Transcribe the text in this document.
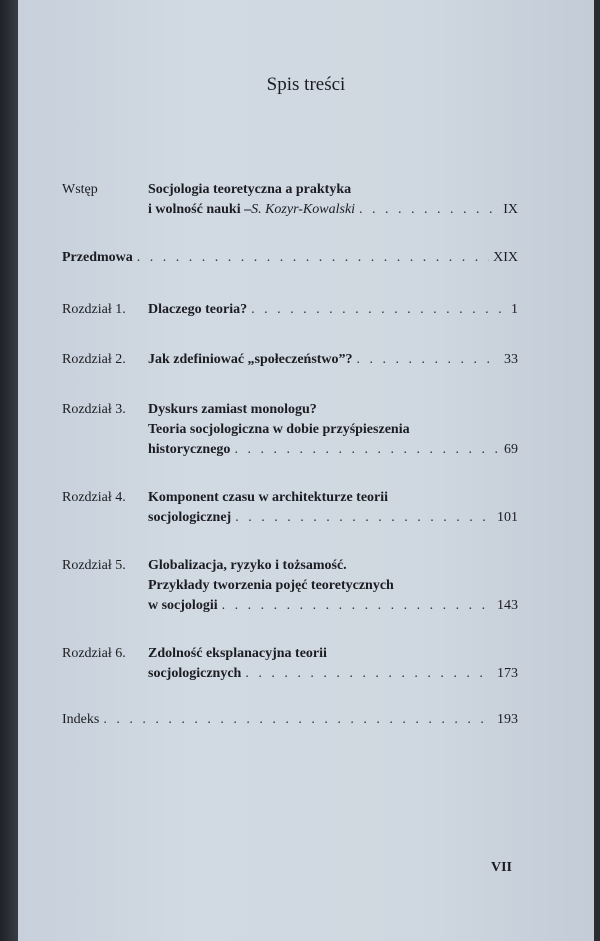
Spis treści
Wstęp	Socjologia teoretyczna a praktyka
i wolność nauki – S. Kozyr-Kowalski . . .	IX
Przedmowa . . .	XIX
Rozdział 1. Dlaczego teoria? . . .	1
Rozdział 2. Jak zdefiniować „społeczeństwo”? . . .	33
Rozdział 3. Dyskurs zamiast monologu?
Teoria socjologiczna w dobie przyśpieszenia
historycznego . . .	69
Rozdział 4. Komponent czasu w architekturze teorii
socjologicznej . . .	101
Rozdział 5. Globalizacja, ryzyko i tożsamość.
Przykłady tworzenia pojęć teoretycznych
w socjologii . . .	143
Rozdział 6. Zdolność eksplanacyjna teorii
socjologicznych . . .	173
Indeks . . .	193
VII
